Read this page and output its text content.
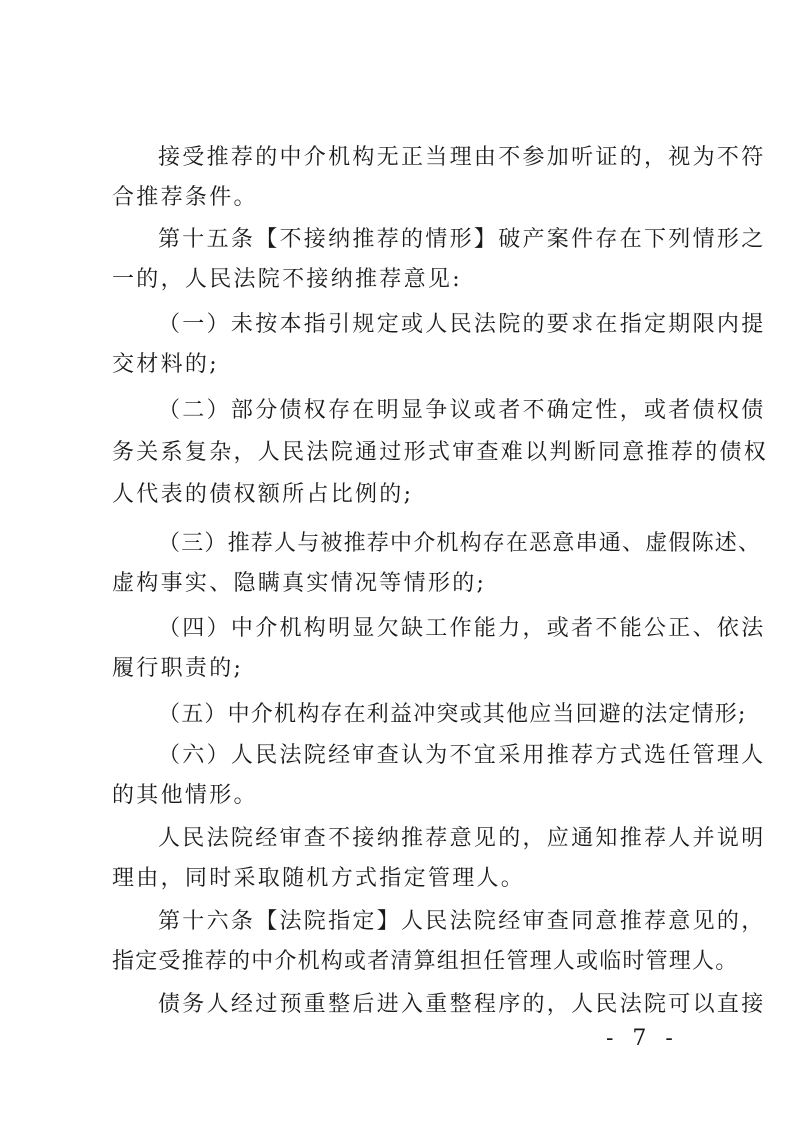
接受推荐的中介机构无正当理由不参加听证的，视为不符
合推荐条件。
第十五条【不接纳推荐的情形】破产案件存在下列情形之
一的，人民法院不接纳推荐意见:
（一）未按本指引规定或人民法院的要求在指定期限内提
交材料的;
（二）部分债权存在明显争议或者不确定性，或者债权债
务关系复杂，人民法院通过形式审查难以判断同意推荐的债权
人代表的债权额所占比例的;
（三）推荐人与被推荐中介机构存在恶意串通、虚假陈述、
虚构事实、隐瞒真实情况等情形的;
（四）中介机构明显欠缺工作能力，或者不能公正、依法
履行职责的;
（五）中介机构存在利益冲突或其他应当回避的法定情形;
（六）人民法院经审查认为不宜采用推荐方式选任管理人
的其他情形。
人民法院经审查不接纳推荐意见的，应通知推荐人并说明
理由，同时采取随机方式指定管理人。
第十六条【法院指定】人民法院经审查同意推荐意见的，
指定受推荐的中介机构或者清算组担任管理人或临时管理人。
债务人经过预重整后进入重整程序的，人民法院可以直接
- 7 -
